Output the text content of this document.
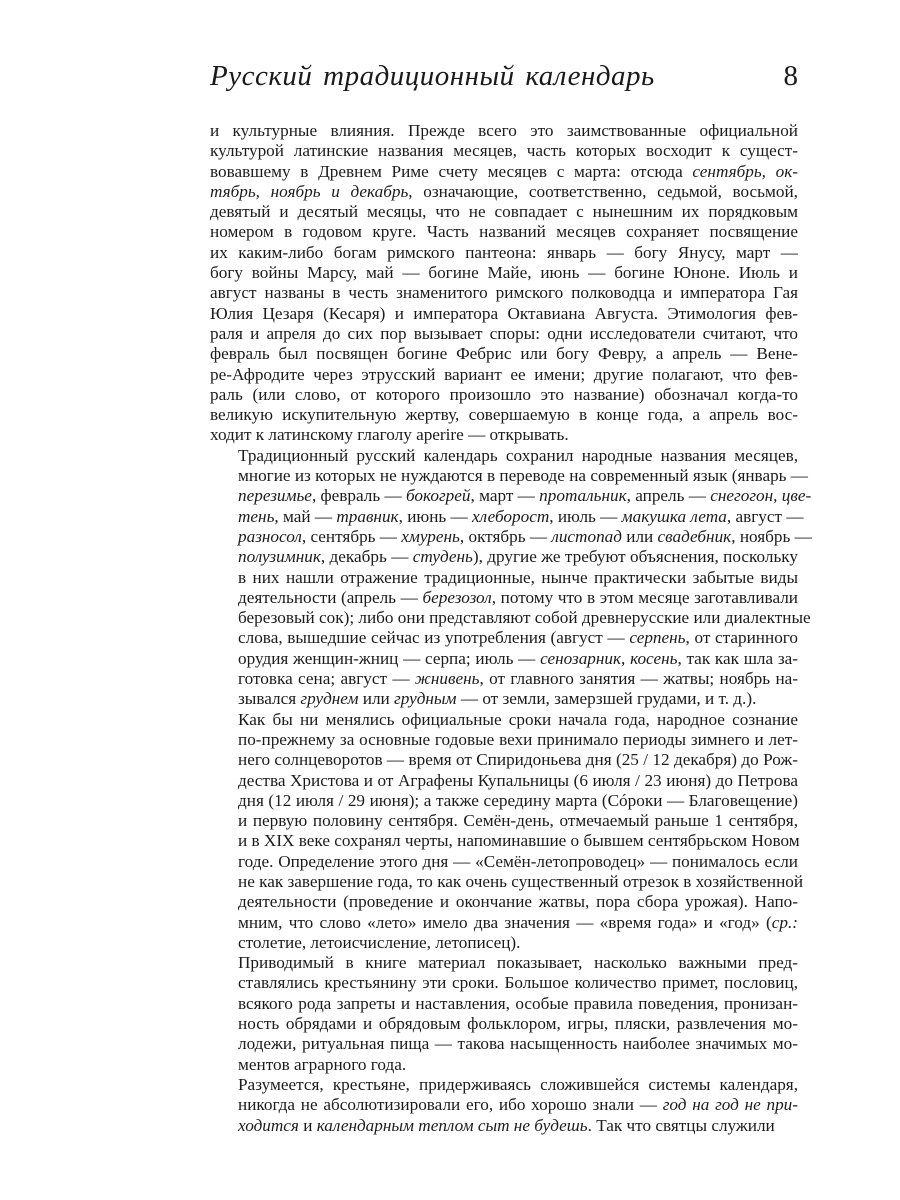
Русский традиционный календарь	8
и культурные влияния. Прежде всего это заимствованные официальной
культурой латинские названия месяцев, часть которых восходит к сущест-
вовавшему в Древнем Риме счету месяцев с марта: отсюда сентябрь, ок-
тябрь, ноябрь и декабрь, означающие, соответственно, седьмой, восьмой,
девятый и десятый месяцы, что не совпадает с нынешним их порядковым
номером в годовом круге. Часть названий месяцев сохраняет посвящение
их каким-либо богам римского пантеона: январь — богу Янусу, март —
богу войны Марсу, май — богине Майе, июнь — богине Юноне. Июль и
август названы в честь знаменитого римского полководца и императора Гая
Юлия Цезаря (Кесаря) и императора Октавиана Августа. Этимология фев-
раля и апреля до сих пор вызывает споры: одни исследователи считают, что
февраль был посвящен богине Фебрис или богу Февру, а апрель — Вене-
ре-Афродите через этрусский вариант ее имени; другие полагают, что фев-
раль (или слово, от которого произошло это название) обозначал когда-то
великую искупительную жертву, совершаемую в конце года, а апрель вос-
ходит к латинскому глаголу aperire — открывать.
Традиционный русский календарь сохранил народные названия месяцев,
многие из которых не нуждаются в переводе на современный язык (январь —
перезимье, февраль — бокогрей, март — протальник, апрель — снегогон, цве-
тень, май — травник, июнь — хлеборост, июль — макушка лета, август —
разносол, сентябрь — хмурень, октябрь — листопад или свадебник, ноябрь —
полузимник, декабрь — студень), другие же требуют объяснения, поскольку
в них нашли отражение традиционные, нынче практически забытые виды
деятельности (апрель — березозол, потому что в этом месяце заготавливали
березовый сок); либо они представляют собой древнерусские или диалектные
слова, вышедшие сейчас из употребления (август — серпень, от старинного
орудия женщин-жниц — серпа; июль — сенозарник, косень, так как шла за-
готовка сена; август — жнивень, от главного занятия — жатвы; ноябрь на-
зывался груднем или грудным — от земли, замерзшей грудами, и т. д.).
Как бы ни менялись официальные сроки начала года, народное сознание
по-прежнему за основные годовые вехи принимало периоды зимнего и лет-
него солнцеворотов — время от Спиридоньева дня (25 / 12 декабря) до Рож-
дества Христова и от Аграфены Купальницы (6 июля / 23 июня) до Петрова
дня (12 июля / 29 июня); а также середину марта (Сóроки — Благовещение)
и первую половину сентября. Семён-день, отмечаемый раньше 1 сентября,
и в XIX веке сохранял черты, напоминавшие о бывшем сентябрьском Новом
годе. Определение этого дня — «Семён-летопроводец» — понималось если
не как завершение года, то как очень существенный отрезок в хозяйственной
деятельности (проведение и окончание жатвы, пора сбора урожая). Напо-
мним, что слово «лето» имело два значения — «время года» и «год» (ср.:
столетие, летоисчисление, летописец).
Приводимый в книге материал показывает, насколько важными пред-
ставлялись крестьянину эти сроки. Большое количество примет, пословиц,
всякого рода запреты и наставления, особые правила поведения, пронизан-
ность обрядами и обрядовым фольклором, игры, пляски, развлечения мо-
лодежи, ритуальная пища — такова насыщенность наиболее значимых мо-
ментов аграрного года.
Разумеется, крестьяне, придерживаясь сложившейся системы календаря,
никогда не абсолютизировали его, ибо хорошо знали — год на год не при-
ходится и календарным теплом сыт не будешь. Так что святцы служили
